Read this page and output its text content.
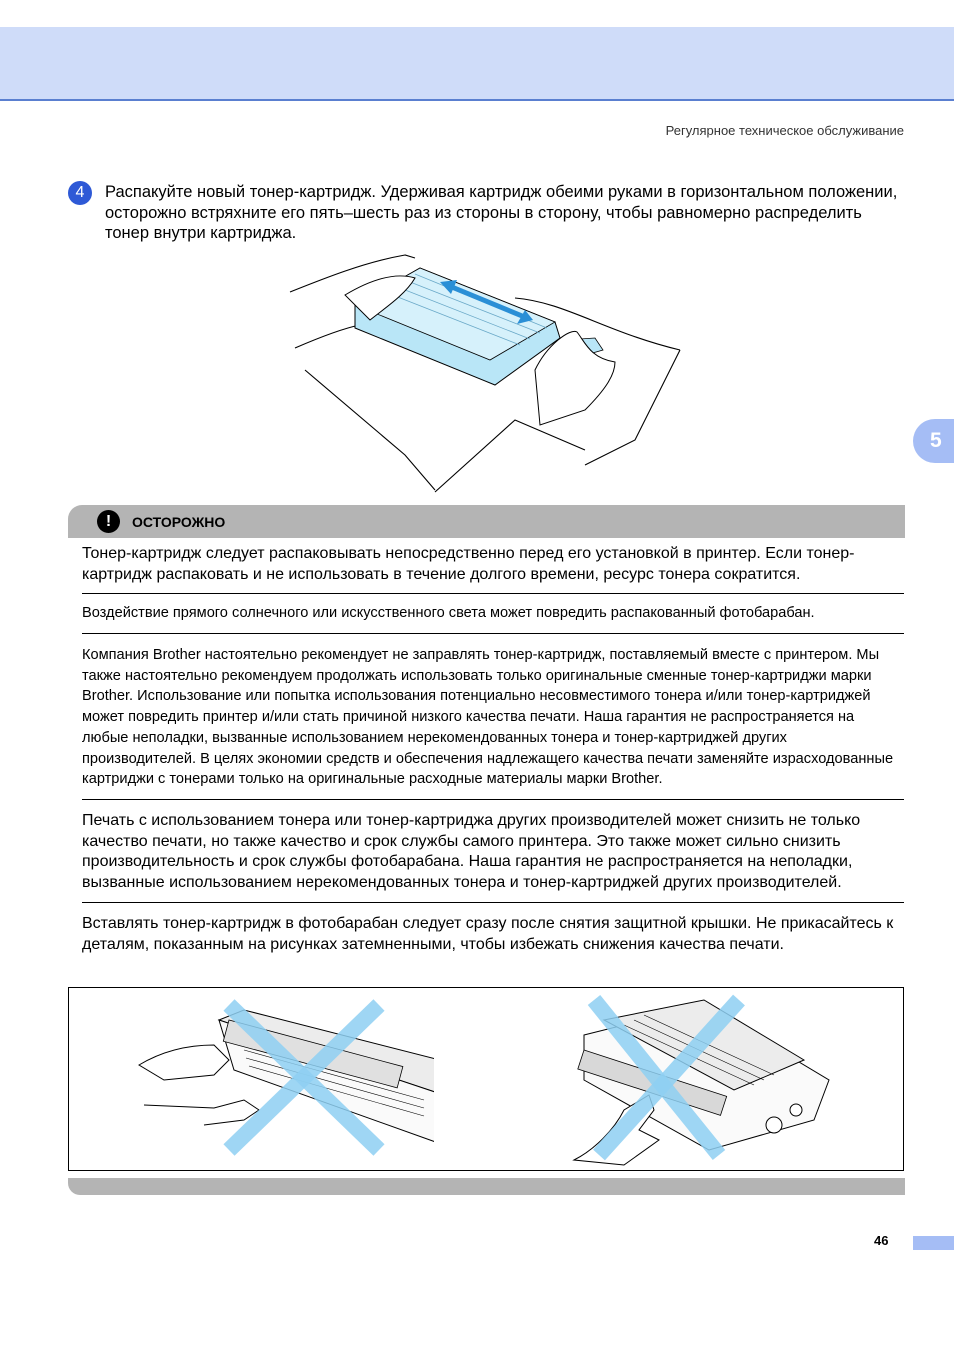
Регулярное техническое обслуживание
4	Распакуйте новый тонер-картридж. Удерживая картридж обеими руками в горизонтальном положении, осторожно встряхните его пять–шесть раз из стороны в сторону, чтобы равномерно распределить тонер внутри картриджа.
5
!	ОСТОРОЖНО
Тонер-картридж следует распаковывать непосредственно перед его установкой в принтер. Если тонер-картридж распаковать и не использовать в течение долгого времени, ресурс тонера сократится.
Воздействие прямого солнечного или искусственного света может повредить распакованный фотобарабан.
Компания Brother настоятельно рекомендует не заправлять тонер-картридж, поставляемый вместе с принтером. Мы также настоятельно рекомендуем продолжать использовать только оригинальные сменные тонер-картриджи марки Brother. Использование или попытка использования потенциально несовместимого тонера и/или тонер-картриджей может повредить принтер и/или стать причиной низкого качества печати. Наша гарантия не распространяется на любые неполадки, вызванные использованием нерекомендованных тонера и тонер-картриджей других производителей. В целях экономии средств и обеспечения надлежащего качества печати заменяйте израсходованные картриджи с тонерами только на оригинальные расходные материалы марки Brother.
Печать с использованием тонера или тонер-картриджа других производителей может снизить не только качество печати, но также качество и срок службы самого принтера. Это также может сильно снизить производительность и срок службы фотобарабана. Наша гарантия не распространяется на неполадки, вызванные использованием нерекомендованных тонера и тонер-картриджей других производителей.
Вставлять тонер-картридж в фотобарабан следует сразу после снятия защитной крышки. Не прикасайтесь к деталям, показанным на рисунках затемненными, чтобы избежать снижения качества печати.
46
